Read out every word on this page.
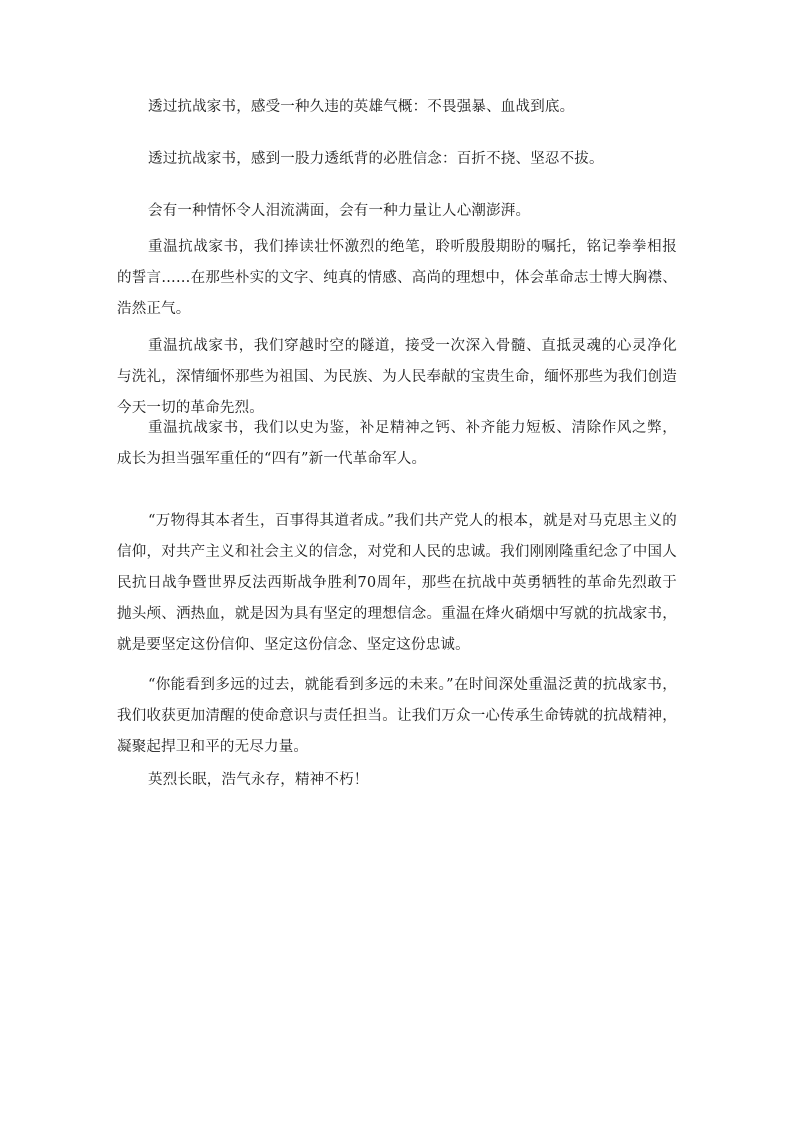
透过抗战家书，感受一种久违的英雄气概：不畏强暴、血战到底。

透过抗战家书，感到一股力透纸背的必胜信念：百折不挠、坚忍不拔。

会有一种情怀令人泪流满面，会有一种力量让人心潮澎湃。

重温抗战家书，我们捧读壮怀激烈的绝笔，聆听殷殷期盼的嘱托，铭记拳拳相报的誓言……在那些朴实的文字、纯真的情感、高尚的理想中，体会革命志士博大胸襟、浩然正气。

重温抗战家书，我们穿越时空的隧道，接受一次深入骨髓、直抵灵魂的心灵净化与洗礼，深情缅怀那些为祖国、为民族、为人民奉献的宝贵生命，缅怀那些为我们创造今天一切的革命先烈。

重温抗战家书，我们以史为鉴，补足精神之钙、补齐能力短板、清除作风之弊，成长为担当强军重任的“四有”新一代革命军人。

“万物得其本者生，百事得其道者成。”我们共产党人的根本，就是对马克思主义的信仰，对共产主义和社会主义的信念，对党和人民的忠诚。我们刚刚隆重纪念了中国人民抗日战争暨世界反法西斯战争胜利70周年，那些在抗战中英勇牺牲的革命先烈敢于抛头颅、洒热血，就是因为具有坚定的理想信念。重温在烽火硝烟中写就的抗战家书，就是要坚定这份信仰、坚定这份信念、坚定这份忠诚。

“你能看到多远的过去，就能看到多远的未来。”在时间深处重温泛黄的抗战家书，我们收获更加清醒的使命意识与责任担当。让我们万众一心传承生命铸就的抗战精神，凝聚起捍卫和平的无尽力量。

英烈长眠，浩气永存，精神不朽！
